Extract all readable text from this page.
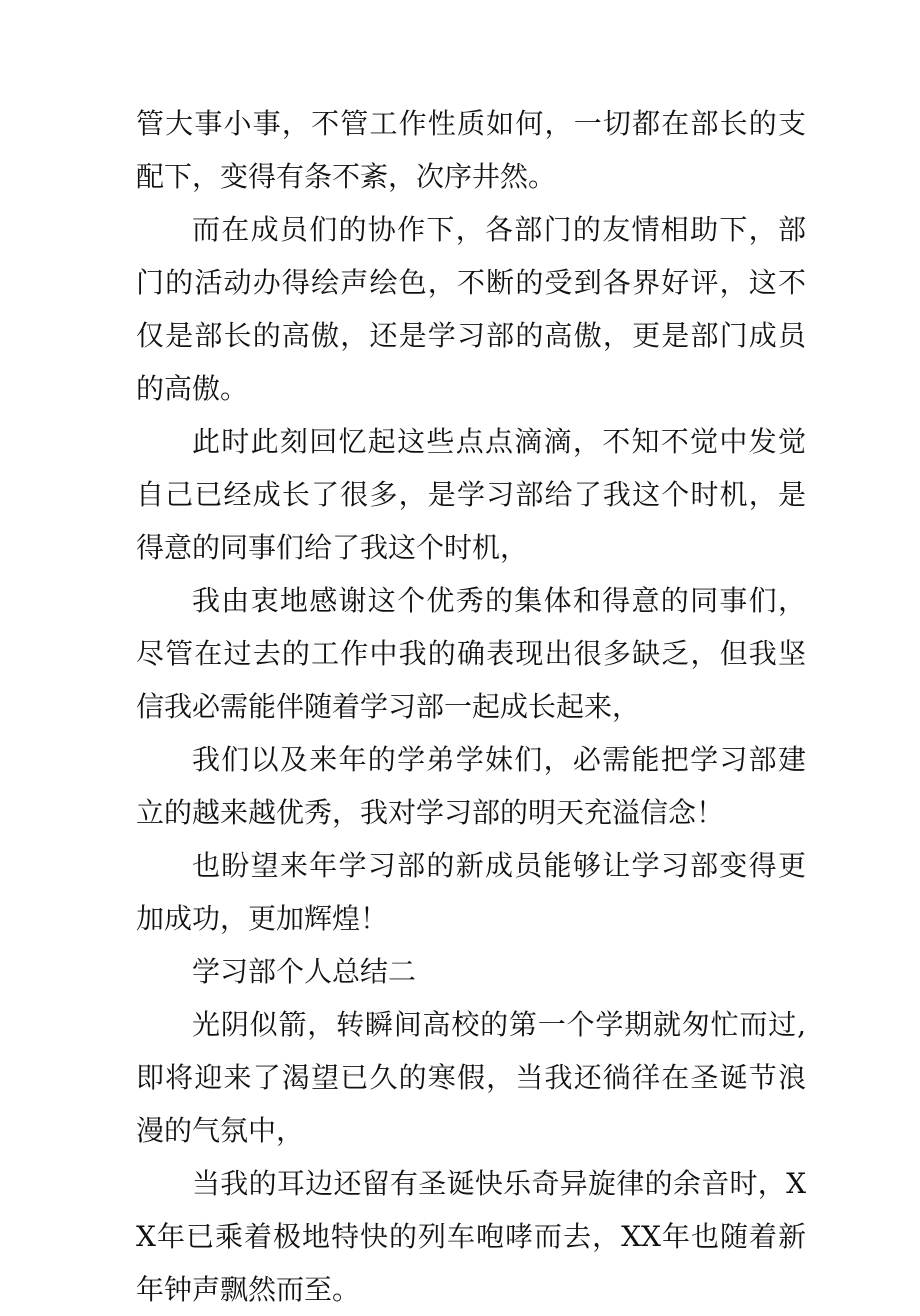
管大事小事，不管工作性质如何，一切都在部长的支配下，变得有条不紊，次序井然。

而在成员们的协作下，各部门的友情相助下，部门的活动办得绘声绘色，不断的受到各界好评，这不仅是部长的高傲，还是学习部的高傲，更是部门成员的高傲。

此时此刻回忆起这些点点滴滴，不知不觉中发觉自己已经成长了很多，是学习部给了我这个时机，是得意的同事们给了我这个时机，

我由衷地感谢这个优秀的集体和得意的同事们，尽管在过去的工作中我的确表现出很多缺乏，但我坚信我必需能伴随着学习部一起成长起来，

我们以及来年的学弟学妹们，必需能把学习部建立的越来越优秀，我对学习部的明天充溢信念！

也盼望来年学习部的新成员能够让学习部变得更加成功，更加辉煌！

学习部个人总结二

光阴似箭，转瞬间高校的第一个学期就匆忙而过,即将迎来了渴望已久的寒假，当我还徜徉在圣诞节浪漫的气氛中，

当我的耳边还留有圣诞快乐奇异旋律的余音时，XX年已乘着极地特快的列车咆哮而去，XX年也随着新年钟声飘然而至。
